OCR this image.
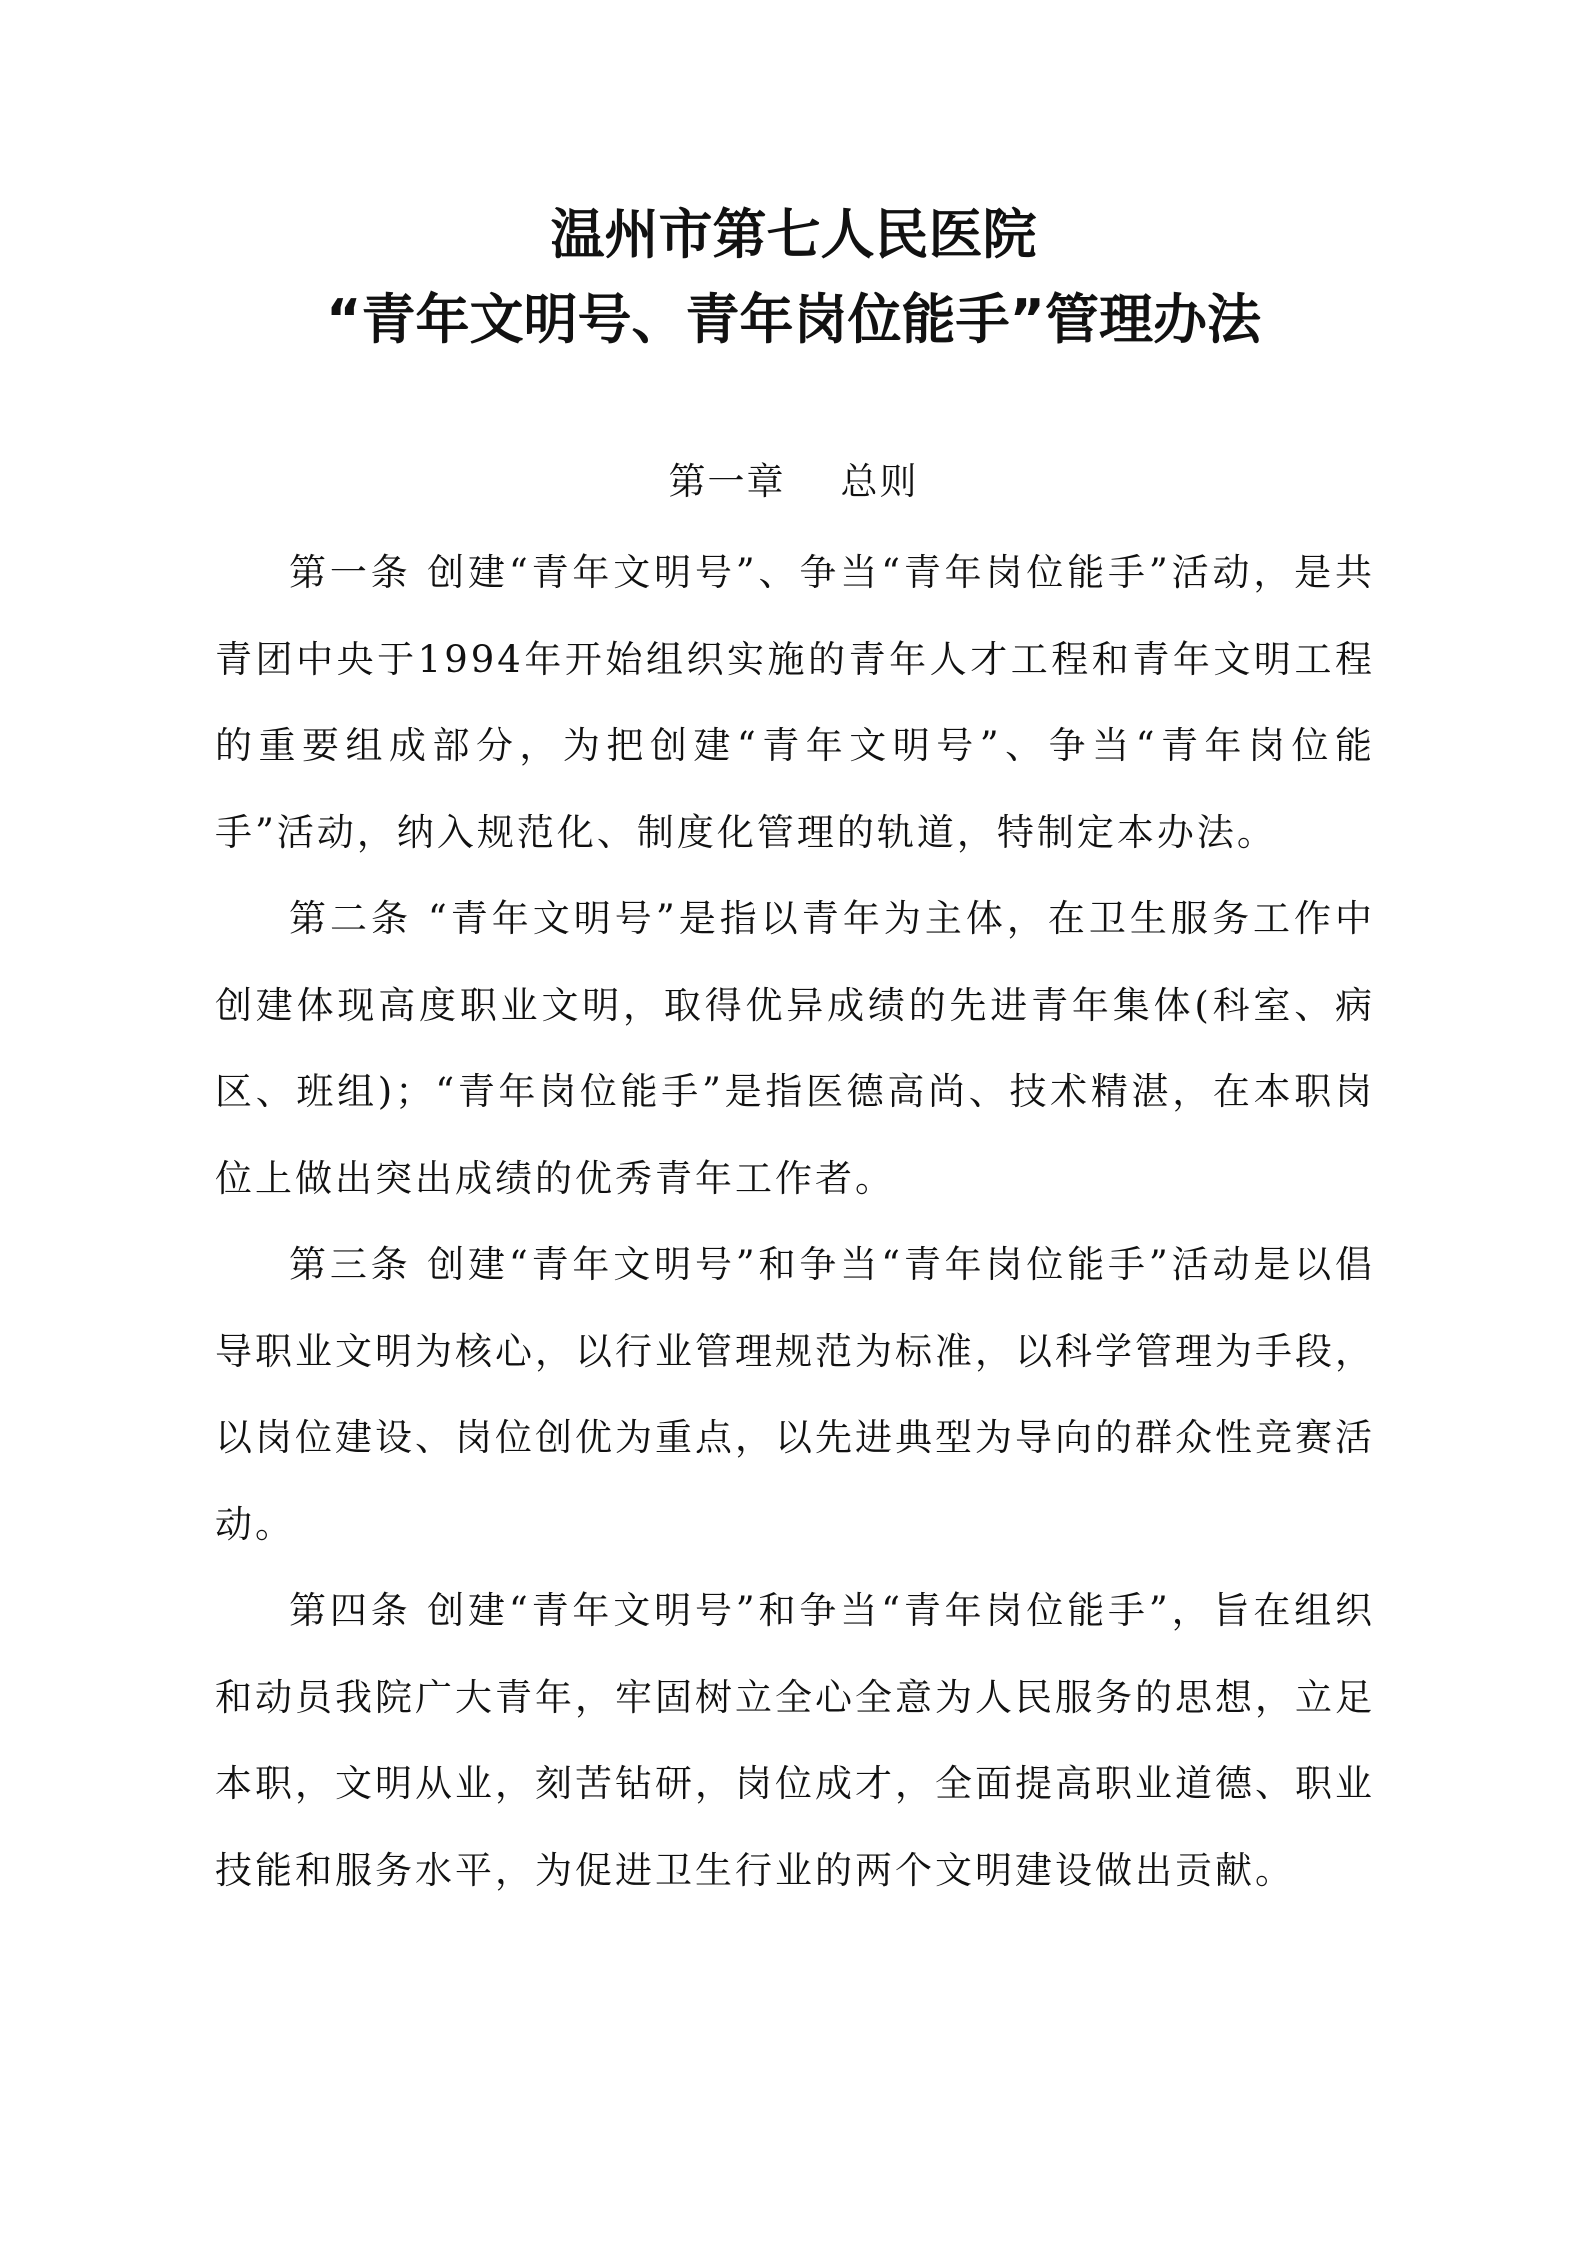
温州市第七人民医院
“青年文明号、青年岗位能手”管理办法
第一章    总则

第一条 创建“青年文明号”、争当“青年岗位能手”活动，是共青团中央于1994年开始组织实施的青年人才工程和青年文明工程的重要组成部分，为把创建“青年文明号”、争当“青年岗位能手”活动，纳入规范化、制度化管理的轨道，特制定本办法。

第二条 “青年文明号”是指以青年为主体，在卫生服务工作中创建体现高度职业文明，取得优异成绩的先进青年集体(科室、病区、班组)；“青年岗位能手”是指医德高尚、技术精湛，在本职岗位上做出突出成绩的优秀青年工作者。

第三条 创建“青年文明号”和争当“青年岗位能手”活动是以倡导职业文明为核心，以行业管理规范为标准，以科学管理为手段，以岗位建设、岗位创优为重点，以先进典型为导向的群众性竞赛活动。

第四条 创建“青年文明号”和争当“青年岗位能手”，旨在组织和动员我院广大青年，牢固树立全心全意为人民服务的思想，立足本职，文明从业，刻苦钻研，岗位成才，全面提高职业道德、职业技能和服务水平，为促进卫生行业的两个文明建设做出贡献。
